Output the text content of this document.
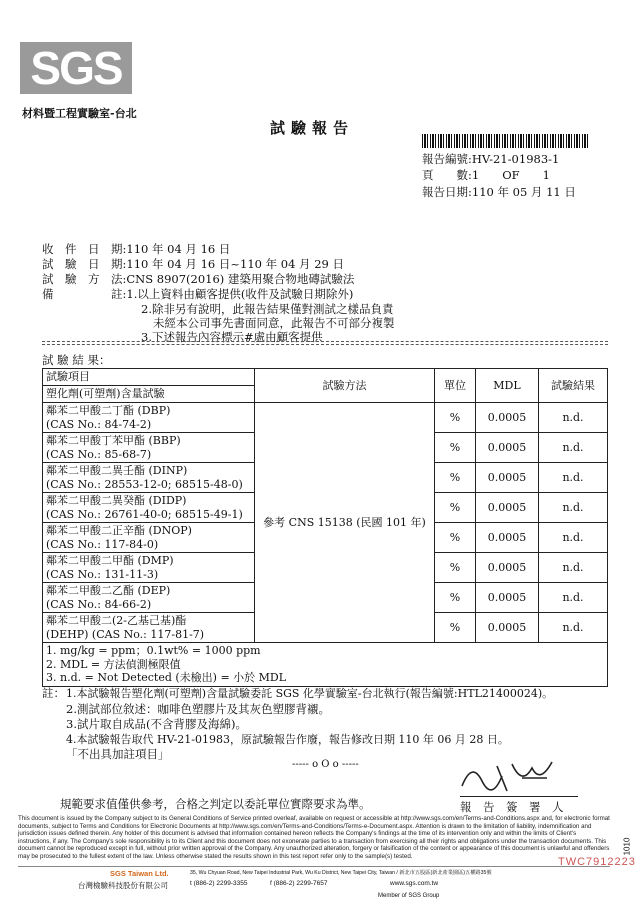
SGS
材料暨工程實驗室-台北
試驗報告
報告編號:HV-21-01983-1
頁　　數:1　　OF　　1
報告日期:110 年 05 月 11 日
收　件　日　期:110 年 04 月 16 日
試　驗　日　期:110 年 04 月 16 日~110 年 04 月 29 日
試　驗　方　法:CNS 8907(2016) 建築用聚合物地磚試驗法
備　　　　　註:1.以上資料由顧客提供(收件及試驗日期除外)
2.除非另有說明，此報告結果僅對測試之樣品負責
未經本公司事先書面同意，此報告不可部分複製
3.下述報告內容標示#處由顧客提供
試 驗 結 果：
試驗項目	試驗方法	單位	MDL	試驗結果
塑化劑(可塑劑)含量試驗				

鄰苯二甲酸二丁酯 (DBP)
(CAS No.: 84-74-2)	參考 CNS 15138 (民國 101 年)	%	0.0005	n.d.

鄰苯二甲酸丁苯甲酯 (BBP)
(CAS No.: 85-68-7)		%	0.0005	n.d.

鄰苯二甲酸二異壬酯 (DINP)
(CAS No.: 28553-12-0; 68515-48-0)		%	0.0005	n.d.

鄰苯二甲酸二異癸酯 (DIDP)
(CAS No.: 26761-40-0; 68515-49-1)		%	0.0005	n.d.

鄰苯二甲酸二正辛酯 (DNOP)
(CAS No.: 117-84-0)		%	0.0005	n.d.

鄰苯二甲酸二甲酯 (DMP)
(CAS No.: 131-11-3)		%	0.0005	n.d.

鄰苯二甲酸二乙酯 (DEP)
(CAS No.: 84-66-2)		%	0.0005	n.d.

鄰苯二甲酸二(2-乙基己基)酯
(DEHP) (CAS No.: 117-81-7)		%	0.0005	n.d.

1. mg/kg = ppm；0.1wt% = 1000 ppm
2. MDL = 方法偵測極限值
3. n.d. = Not Detected (未檢出) = 小於 MDL				
註： 1.本試驗報告塑化劑(可塑劑)含量試驗委託 SGS 化學實驗室-台北執行(報告編號:HTL21400024)。
2.測試部位敘述：咖啡色塑膠片及其灰色塑膠背襯。
3.試片取自成品(不含背膠及海綿)。
4.本試驗報告取代 HV-21-01983，原試驗報告作廢，報告修改日期 110 年 06 月 28 日。
「不出具加註項目」
----- o O o -----
報　告　簽　署　人
規範要求值僅供參考，合格之判定以委託單位實際要求為準。
This document is issued by the Company subject to its General Conditions of Service printed overleaf, available on request or accessible at http://www.sgs.com/en/Terms-and-Conditions.aspx and, for electronic format documents, subject to Terms and Conditions for Electronic Documents at http://www.sgs.com/en/Terms-and-Conditions/Terms-e-Document.aspx. Attention is drawn to the limitation of liability, indemnification and jurisdiction issues defined therein. Any holder of this document is advised that information contained hereon reflects the Company's findings at the time of its intervention only and within the limits of Client's instructions, if any. The Company's sole responsibility is to its Client and this document does not exonerate parties to a transaction from exercising all their rights and obligations under the transaction documents. This document cannot be reproduced except in full, without prior written approval of the Company. Any unauthorized alteration, forgery or falsification of the content or appearance of this document is unlawful and offenders may be prosecuted to the fullest extent of the law. Unless otherwise stated the results shown in this test report refer only to the sample(s) tested.	TWC7912223
1010
SGS Taiwan Ltd.
台灣檢驗科技股份有限公司
35, Wu Chyuan Road, New Taipei Industrial Park, Wu Ku District, New Taipei City, Taiwan / 新北市五股區(新北產業園區)五權路35號
t (886-2) 2299-3355	f (886-2) 2299-7657	www.sgs.com.tw
Member of SGS Group
